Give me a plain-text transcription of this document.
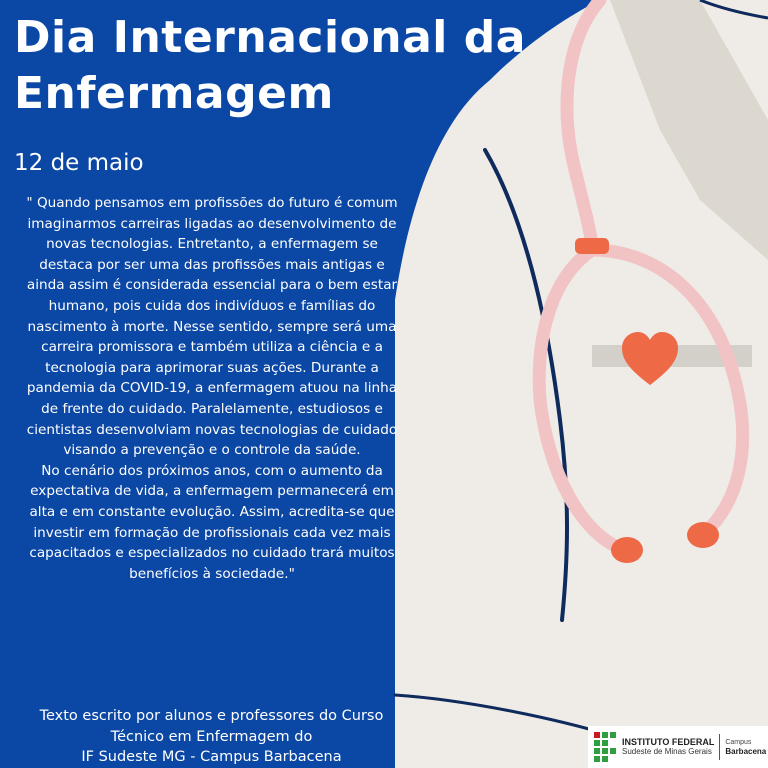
Dia Internacional da Enfermagem
12 de maio

" Quando pensamos em profissões do futuro é comum imaginarmos carreiras ligadas ao desenvolvimento de novas tecnologias. Entretanto, a enfermagem se destaca por ser uma das profissões mais antigas e ainda assim é considerada essencial para o bem estar humano, pois cuida dos indivíduos e famílias do nascimento à morte. Nesse sentido, sempre será uma carreira promissora e também utiliza a ciência e a tecnologia para aprimorar suas ações. Durante a pandemia da COVID-19, a enfermagem atuou na linha de frente do cuidado. Paralelamente, estudiosos e cientistas desenvolviam novas tecnologias de cuidado visando a prevenção e o controle da saúde.

No cenário dos próximos anos, com o aumento da expectativa de vida, a enfermagem permanecerá em alta e em constante evolução. Assim, acredita-se que investir em formação de profissionais cada vez mais capacitados e especializados no cuidado trará muitos benefícios à sociedade."

Texto escrito por alunos e professores do Curso
Técnico em Enfermagem do
IF Sudeste MG - Campus Barbacena
INSTITUTO FEDERAL
Sudeste de Minas Gerais
Campus
Barbacena
